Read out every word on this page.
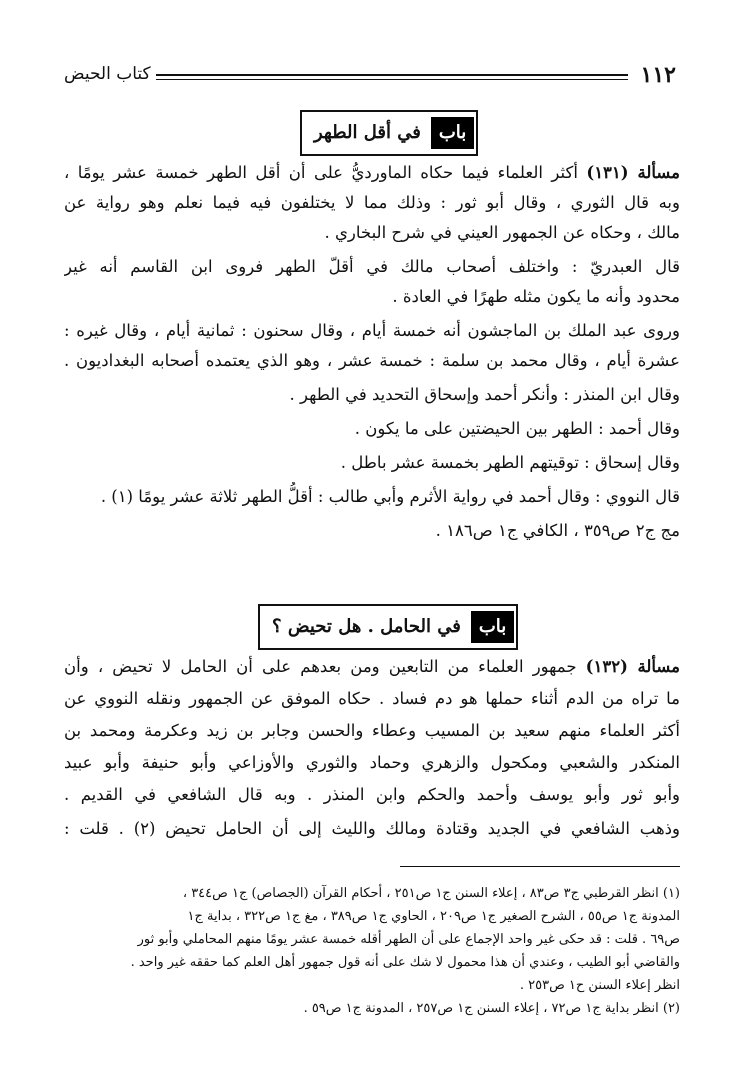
١١٢
كتاب الحيض
باب
في أقل الطهر
مسألة (١٣١) أكثر العلماء فيما حكاه الماورديُّ على أن أقل الطهر خمسة عشر يومًا ،
وبه قال الثوري ، وقال أبو ثور : وذلك مما لا يختلفون فيه فيما نعلم وهو رواية عن
مالك ، وحكاه عن الجمهور العيني في شرح البخاري .
قال العبدريّ : واختلف أصحاب مالك في أقلّ الطهر فروى ابن القاسم أنه غير
محدود وأنه ما يكون مثله طهرًا في العادة .
وروى عبد الملك بن الماجشون أنه خمسة أيام ، وقال سحنون : ثمانية أيام ، وقال غيره :
عشرة أيام ، وقال محمد بن سلمة : خمسة عشر ، وهو الذي يعتمده أصحابه البغداديون .
وقال ابن المنذر : وأنكر أحمد وإسحاق التحديد في الطهر .
وقال أحمد : الطهر بين الحيضتين على ما يكون .
وقال إسحاق : توقيتهم الطهر بخمسة عشر باطل .
قال النووي : وقال أحمد في رواية الأثرم وأبي طالب : أقلُّ الطهر ثلاثة عشر يومًا (١) .
مج ج٢ ص٣٥٩ ، الكافي ج١ ص١٨٦ .
باب
في الحامل . هل تحيض ؟
مسألة (١٣٢) جمهور العلماء من التابعين ومن بعدهم على أن الحامل لا تحيض ، وأن
ما تراه من الدم أثناء حملها هو دم فساد . حكاه الموفق عن الجمهور ونقله النووي عن
أكثر العلماء منهم سعيد بن المسيب وعطاء والحسن وجابر بن زيد وعكرمة ومحمد بن
المنكدر والشعبي ومكحول والزهري وحماد والثوري والأوزاعي وأبو حنيفة وأبو عبيد
وأبو ثور وأبو يوسف وأحمد والحكم وابن المنذر . وبه قال الشافعي في القديم .
وذهب الشافعي في الجديد وقتادة ومالك والليث إلى أن الحامل تحيض (٢) . قلت :
(١) انظر القرطبي ج٣ ص٨٣ ، إعلاء السنن ج١ ص٢٥١ ، أحكام القرآن (الجصاص) ج١ ص٣٤٤ ،
المدونة ج١ ص٥٥ ، الشرح الصغير ج١ ص٢٠٩ ، الحاوي ج١ ص٣٨٩ ، مغ ج١ ص٣٢٢ ، بداية ج١
ص٦٩ . قلت : قد حكى غير واحد الإجماع على أن الطهر أقله خمسة عشر يومًا منهم المحاملي وأبو ثور
والقاضي أبو الطيب ، وعندي أن هذا محمول لا شك على أنه قول جمهور أهل العلم كما حققه غير واحد .
انظر إعلاء السنن ح١ ص٢٥٣ .
(٢) انظر بداية ج١ ص٧٢ ، إعلاء السنن ج١ ص٢٥٧ ، المدونة ج١ ص٥٩ .
